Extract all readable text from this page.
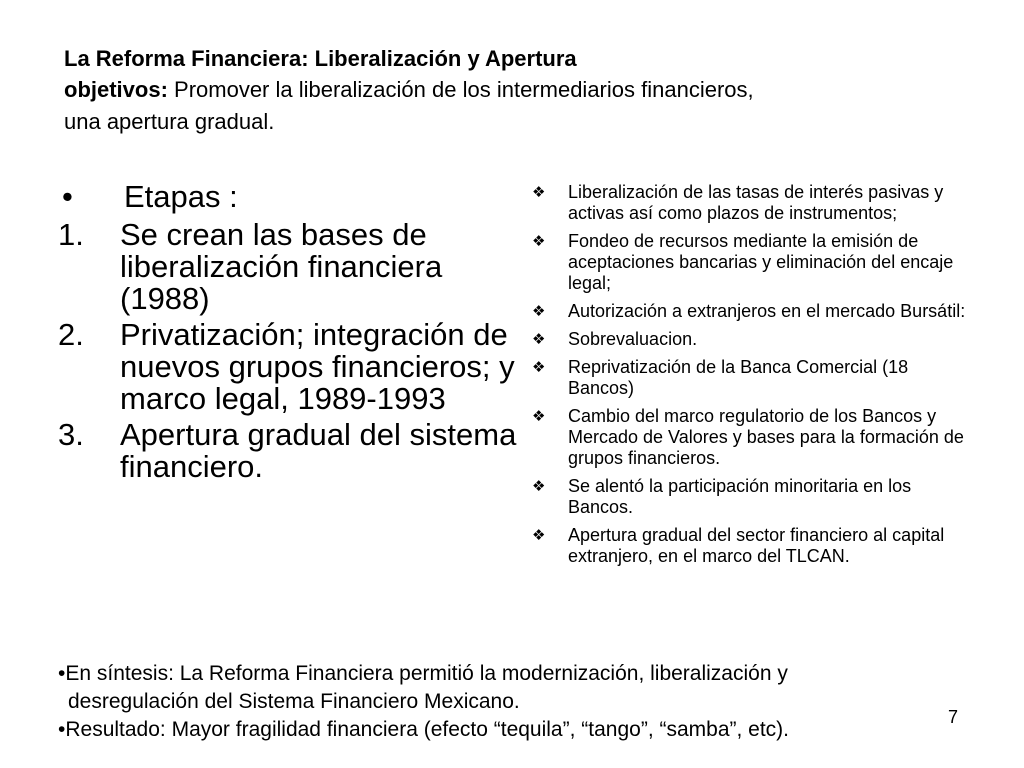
La Reforma Financiera: Liberalización y Apertura

objetivos: Promover la liberalización de los intermediarios financieros,

una apertura gradual.

•	Etapas :
1.	Se crean las bases de liberalización financiera (1988)
2.	Privatización; integración de nuevos grupos financieros; y marco legal, 1989-1993
3.	Apertura gradual del sistema financiero.
❖	Liberalización de las tasas de interés pasivas y activas así como plazos de instrumentos;
❖	Fondeo de recursos mediante la emisión de aceptaciones bancarias y eliminación del encaje legal;
❖	Autorización a extranjeros en el mercado Bursátil:
❖	Sobrevaluacion.
❖	Reprivatización de la Banca Comercial (18 Bancos)
❖	Cambio del marco regulatorio de los Bancos y Mercado de Valores y bases para la formación de grupos financieros.
❖	Se alentó la participación minoritaria en los Bancos.
❖	Apertura gradual del sector financiero al capital extranjero, en el marco del TLCAN.

•En síntesis: La Reforma Financiera permitió la modernización, liberalización y

desregulación del Sistema Financiero Mexicano.

•Resultado: Mayor fragilidad financiera (efecto “tequila”, “tango”, “samba”, etc).

7
